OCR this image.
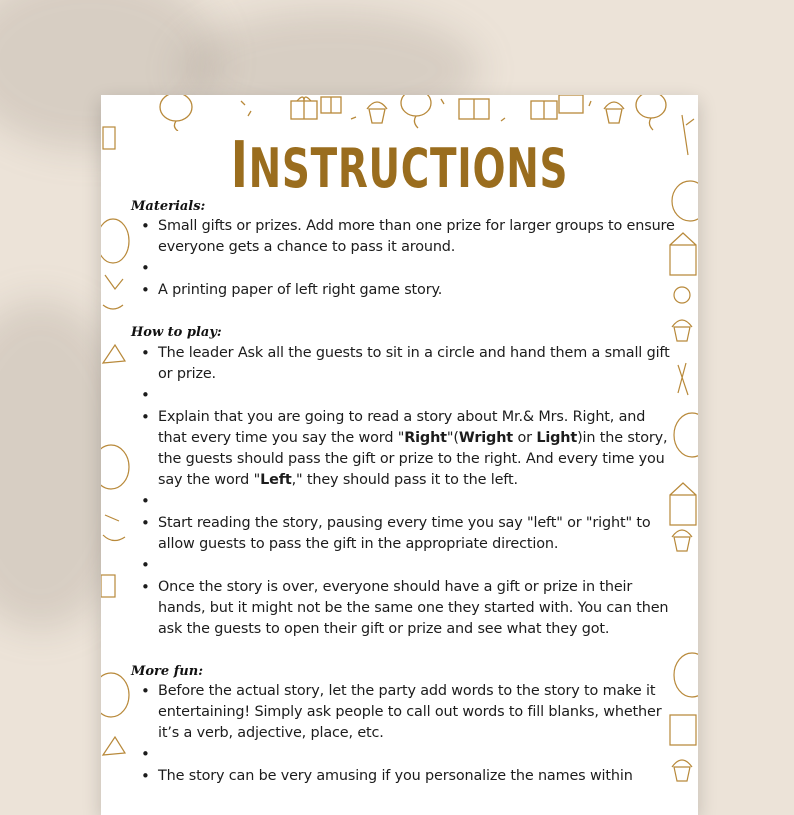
INSTRUCTIONS
Materials:
• Small gifts or prizes. Add more than one prize for larger groups to ensure everyone gets a chance to pass it around.
•
• A printing paper of left right game story.
How to play:
• The leader Ask all the guests to sit in a circle and hand them a small gift or prize.
•
• Explain that you are going to read a story about Mr.& Mrs. Right, and that every time you say the word "Right"(Wright or Light)in the story, the guests should pass the gift or prize to the right. And every time you say the word "Left," they should pass it to the left.
•
• Start reading the story, pausing every time you say "left" or "right" to allow guests to pass the gift in the appropriate direction.
•
• Once the story is over, everyone should have a gift or prize in their hands, but it might not be the same one they started with. You can then ask the guests to open their gift or prize and see what they got.
More fun:
• Before the actual story, let the party add words to the story to make it entertaining! Simply ask people to call out words to fill blanks, whether it’s a verb, adjective, place, etc.
•
• The story can be very amusing if you personalize the names within
